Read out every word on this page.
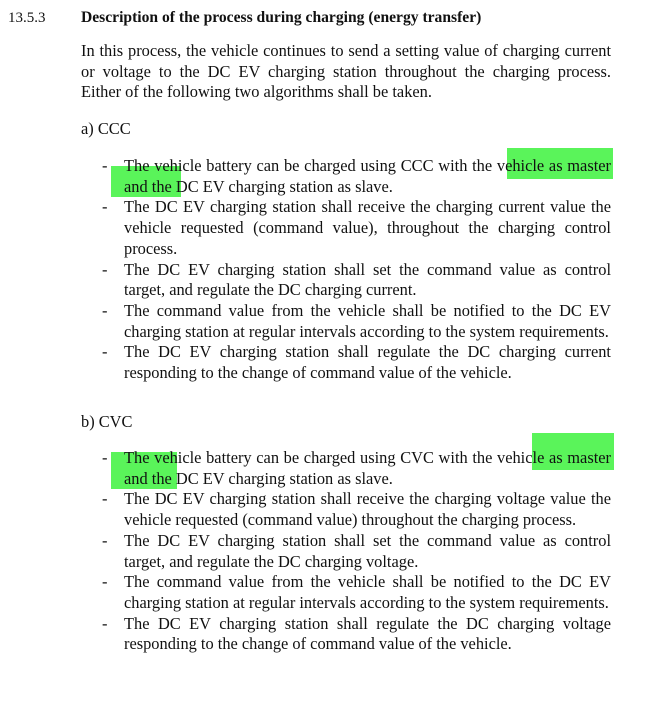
13.5.3 Description of the process during charging (energy transfer)
In this process, the vehicle continues to send a setting value of charging current or voltage to the DC EV charging station throughout the charging process. Either of the following two algorithms shall be taken.
a) CCC
- The vehicle battery can be charged using CCC with the vehicle as master and the DC EV charging station as slave.
- The DC EV charging station shall receive the charging current value the vehicle requested (command value), throughout the charging control process.
- The DC EV charging station shall set the command value as control target, and regulate the DC charging current.
- The command value from the vehicle shall be notified to the DC EV charging station at regular intervals according to the system requirements.
- The DC EV charging station shall regulate the DC charging current responding to the change of command value of the vehicle.
b) CVC
- The vehicle battery can be charged using CVC with the vehicle as master and the DC EV charging station as slave.
- The DC EV charging station shall receive the charging voltage value the vehicle requested (command value) throughout the charging process.
- The DC EV charging station shall set the command value as control target, and regulate the DC charging voltage.
- The command value from the vehicle shall be notified to the DC EV charging station at regular intervals according to the system requirements.
- The DC EV charging station shall regulate the DC charging voltage responding to the change of command value of the vehicle.
